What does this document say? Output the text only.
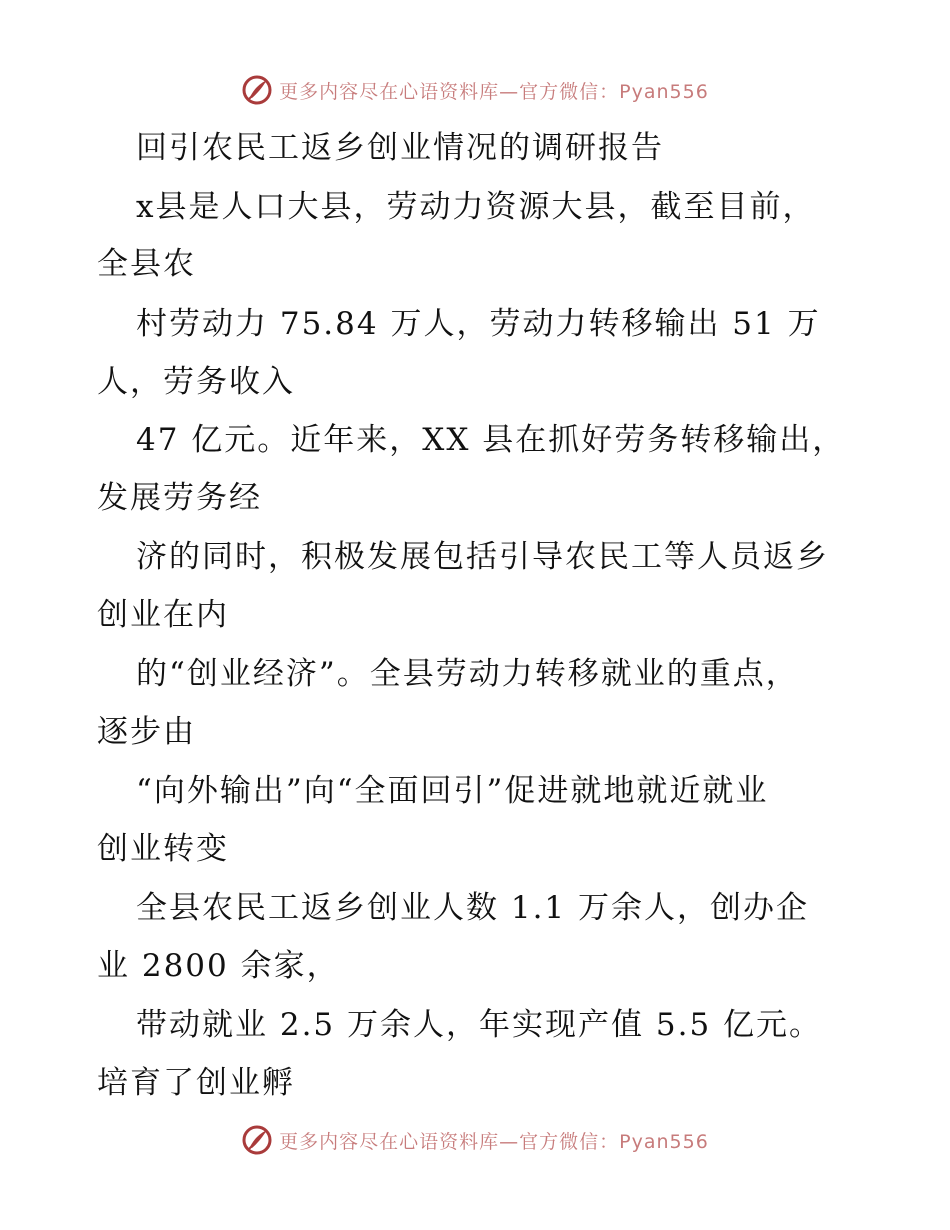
更多内容尽在心语资料库—官方微信：Pyan556
回引农民工返乡创业情况的调研报告
x县是人口大县，劳动力资源大县，截至目前，
全县农
村劳动力 75.84 万人，劳动力转移输出 51 万
人，劳务收入
47 亿元。近年来，XX 县在抓好劳务转移输出，
发展劳务经
济的同时，积极发展包括引导农民工等人员返乡
创业在内
的“创业经济”。全县劳动力转移就业的重点，
逐步由
“向外输出”向“全面回引”促进就地就近就业
创业转变
全县农民工返乡创业人数 1.1 万余人，创办企
业 2800 余家，
带动就业 2.5 万余人，年实现产值 5.5 亿元。
培育了创业孵
更多内容尽在心语资料库—官方微信：Pyan556
